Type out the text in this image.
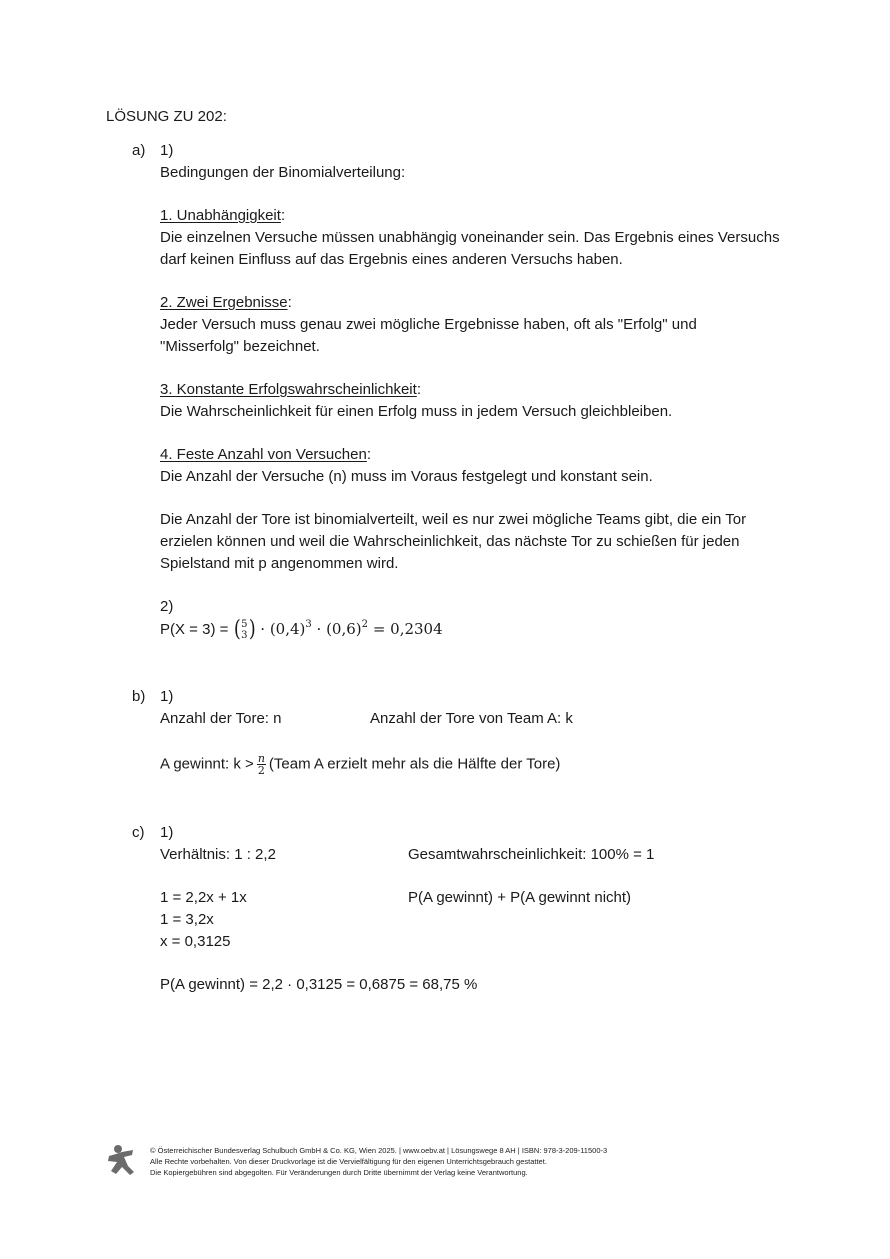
LÖSUNG ZU 202:
a) 1)
Bedingungen der Binomialverteilung:
1. Unabhängigkeit:
Die einzelnen Versuche müssen unabhängig voneinander sein. Das Ergebnis eines Versuchs
darf keinen Einfluss auf das Ergebnis eines anderen Versuchs haben.
2. Zwei Ergebnisse:
Jeder Versuch muss genau zwei mögliche Ergebnisse haben, oft als "Erfolg" und
"Misserfolg" bezeichnet.
3. Konstante Erfolgswahrscheinlichkeit:
Die Wahrscheinlichkeit für einen Erfolg muss in jedem Versuch gleichbleiben.
4. Feste Anzahl von Versuchen:
Die Anzahl der Versuche (n) muss im Voraus festgelegt und konstant sein.
Die Anzahl der Tore ist binomialverteilt, weil es nur zwei mögliche Teams gibt, die ein Tor
erzielen können und weil die Wahrscheinlichkeit, das nächste Tor zu schießen für jeden
Spielstand mit p angenommen wird.
2)
P(X = 3) = ( 5
3 ) · $(0,4)^3 \cdot (0,6)^2 = 0,2304$
b) 1)
Anzahl der Tore: n	Anzahl der Tore von Team A: k
A gewinnt: $k > \frac{n}{2}$ (Team A erzielt mehr als die Hälfte der Tore)
c) 1)
Verhältnis: 1 : 2,2	Gesamtwahrscheinlichkeit: 100% = 1
1 = 2,2x + 1x	P(A gewinnt) + P(A gewinnt nicht)
1 = 3,2x
x = 0,3125
P(A gewinnt) = 2,2 · 0,3125 = 0,6875 = 68,75 %
© Österreichischer Bundesverlag Schulbuch GmbH & Co. KG, Wien 2025. | www.oebv.at | Lösungswege 8 AH | ISBN: 978-3-209-11500-3
Alle Rechte vorbehalten. Von dieser Druckvorlage ist die Vervielfältigung für den eigenen Unterrichtsgebrauch gestattet.
Die Kopiergebühren sind abgegolten. Für Veränderungen durch Dritte übernimmt der Verlag keine Verantwortung.
